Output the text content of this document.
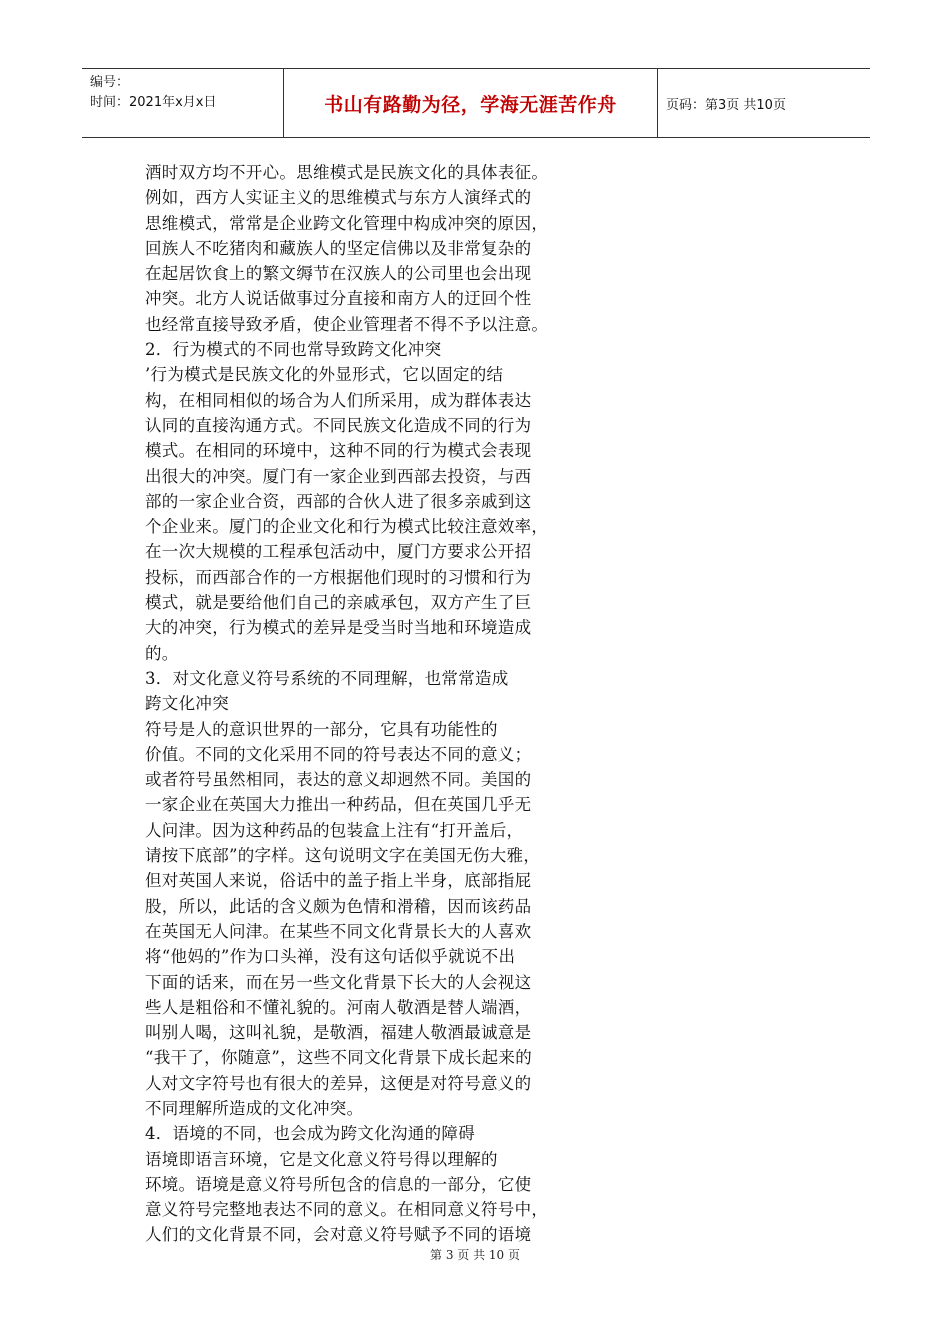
编号：
时间：2021年x月x日	书山有路勤为径，学海无涯苦作舟	页码：第3页 共10页

酒时双方均不开心。思维模式是民族文化的具体表征。

例如，西方人实证主义的思维模式与东方人演绎式的

思维模式，常常是企业跨文化管理中构成冲突的原因，

回族人不吃猪肉和藏族人的坚定信佛以及非常复杂的

在起居饮食上的繁文缛节在汉族人的公司里也会出现

冲突。北方人说话做事过分直接和南方人的迂回个性

也经常直接导致矛盾，使企业管理者不得不予以注意。

2．行为模式的不同也常导致跨文化冲突

’行为模式是民族文化的外显形式，它以固定的结

构，在相同相似的场合为人们所采用，成为群体表达

认同的直接沟通方式。不同民族文化造成不同的行为

模式。在相同的环境中，这种不同的行为模式会表现

出很大的冲突。厦门有一家企业到西部去投资，与西

部的一家企业合资，西部的合伙人进了很多亲戚到这

个企业来。厦门的企业文化和行为模式比较注意效率，

在一次大规模的工程承包活动中，厦门方要求公开招

投标，而西部合作的一方根据他们现时的习惯和行为

模式，就是要给他们自己的亲戚承包，双方产生了巨

大的冲突，行为模式的差异是受当时当地和环境造成

的。

3．对文化意义符号系统的不同理解，也常常造成

跨文化冲突

符号是人的意识世界的一部分，它具有功能性的

价值。不同的文化采用不同的符号表达不同的意义；

或者符号虽然相同，表达的意义却迥然不同。美国的

一家企业在英国大力推出一种药品，但在英国几乎无

人问津。因为这种药品的包装盒上注有“打开盖后，

请按下底部”的字样。这句说明文字在美国无伤大雅，

但对英国人来说，俗话中的盖子指上半身，底部指屁

股，所以，此话的含义颇为色情和滑稽，因而该药品

在英国无人问津。在某些不同文化背景长大的人喜欢

将“他妈的”作为口头禅，没有这句话似乎就说不出

下面的话来，而在另一些文化背景下长大的人会视这

些人是粗俗和不懂礼貌的。河南人敬酒是替人端酒，

叫别人喝，这叫礼貌，是敬酒，福建人敬酒最诚意是

“我干了，你随意”，这些不同文化背景下成长起来的

人对文字符号也有很大的差异，这便是对符号意义的

不同理解所造成的文化冲突。

4．语境的不同，也会成为跨文化沟通的障碍

语境即语言环境，它是文化意义符号得以理解的

环境。语境是意义符号所包含的信息的一部分，它使

意义符号完整地表达不同的意义。在相同意义符号中，

人们的文化背景不同，会对意义符号赋予不同的语境

第 3 页 共 10 页
